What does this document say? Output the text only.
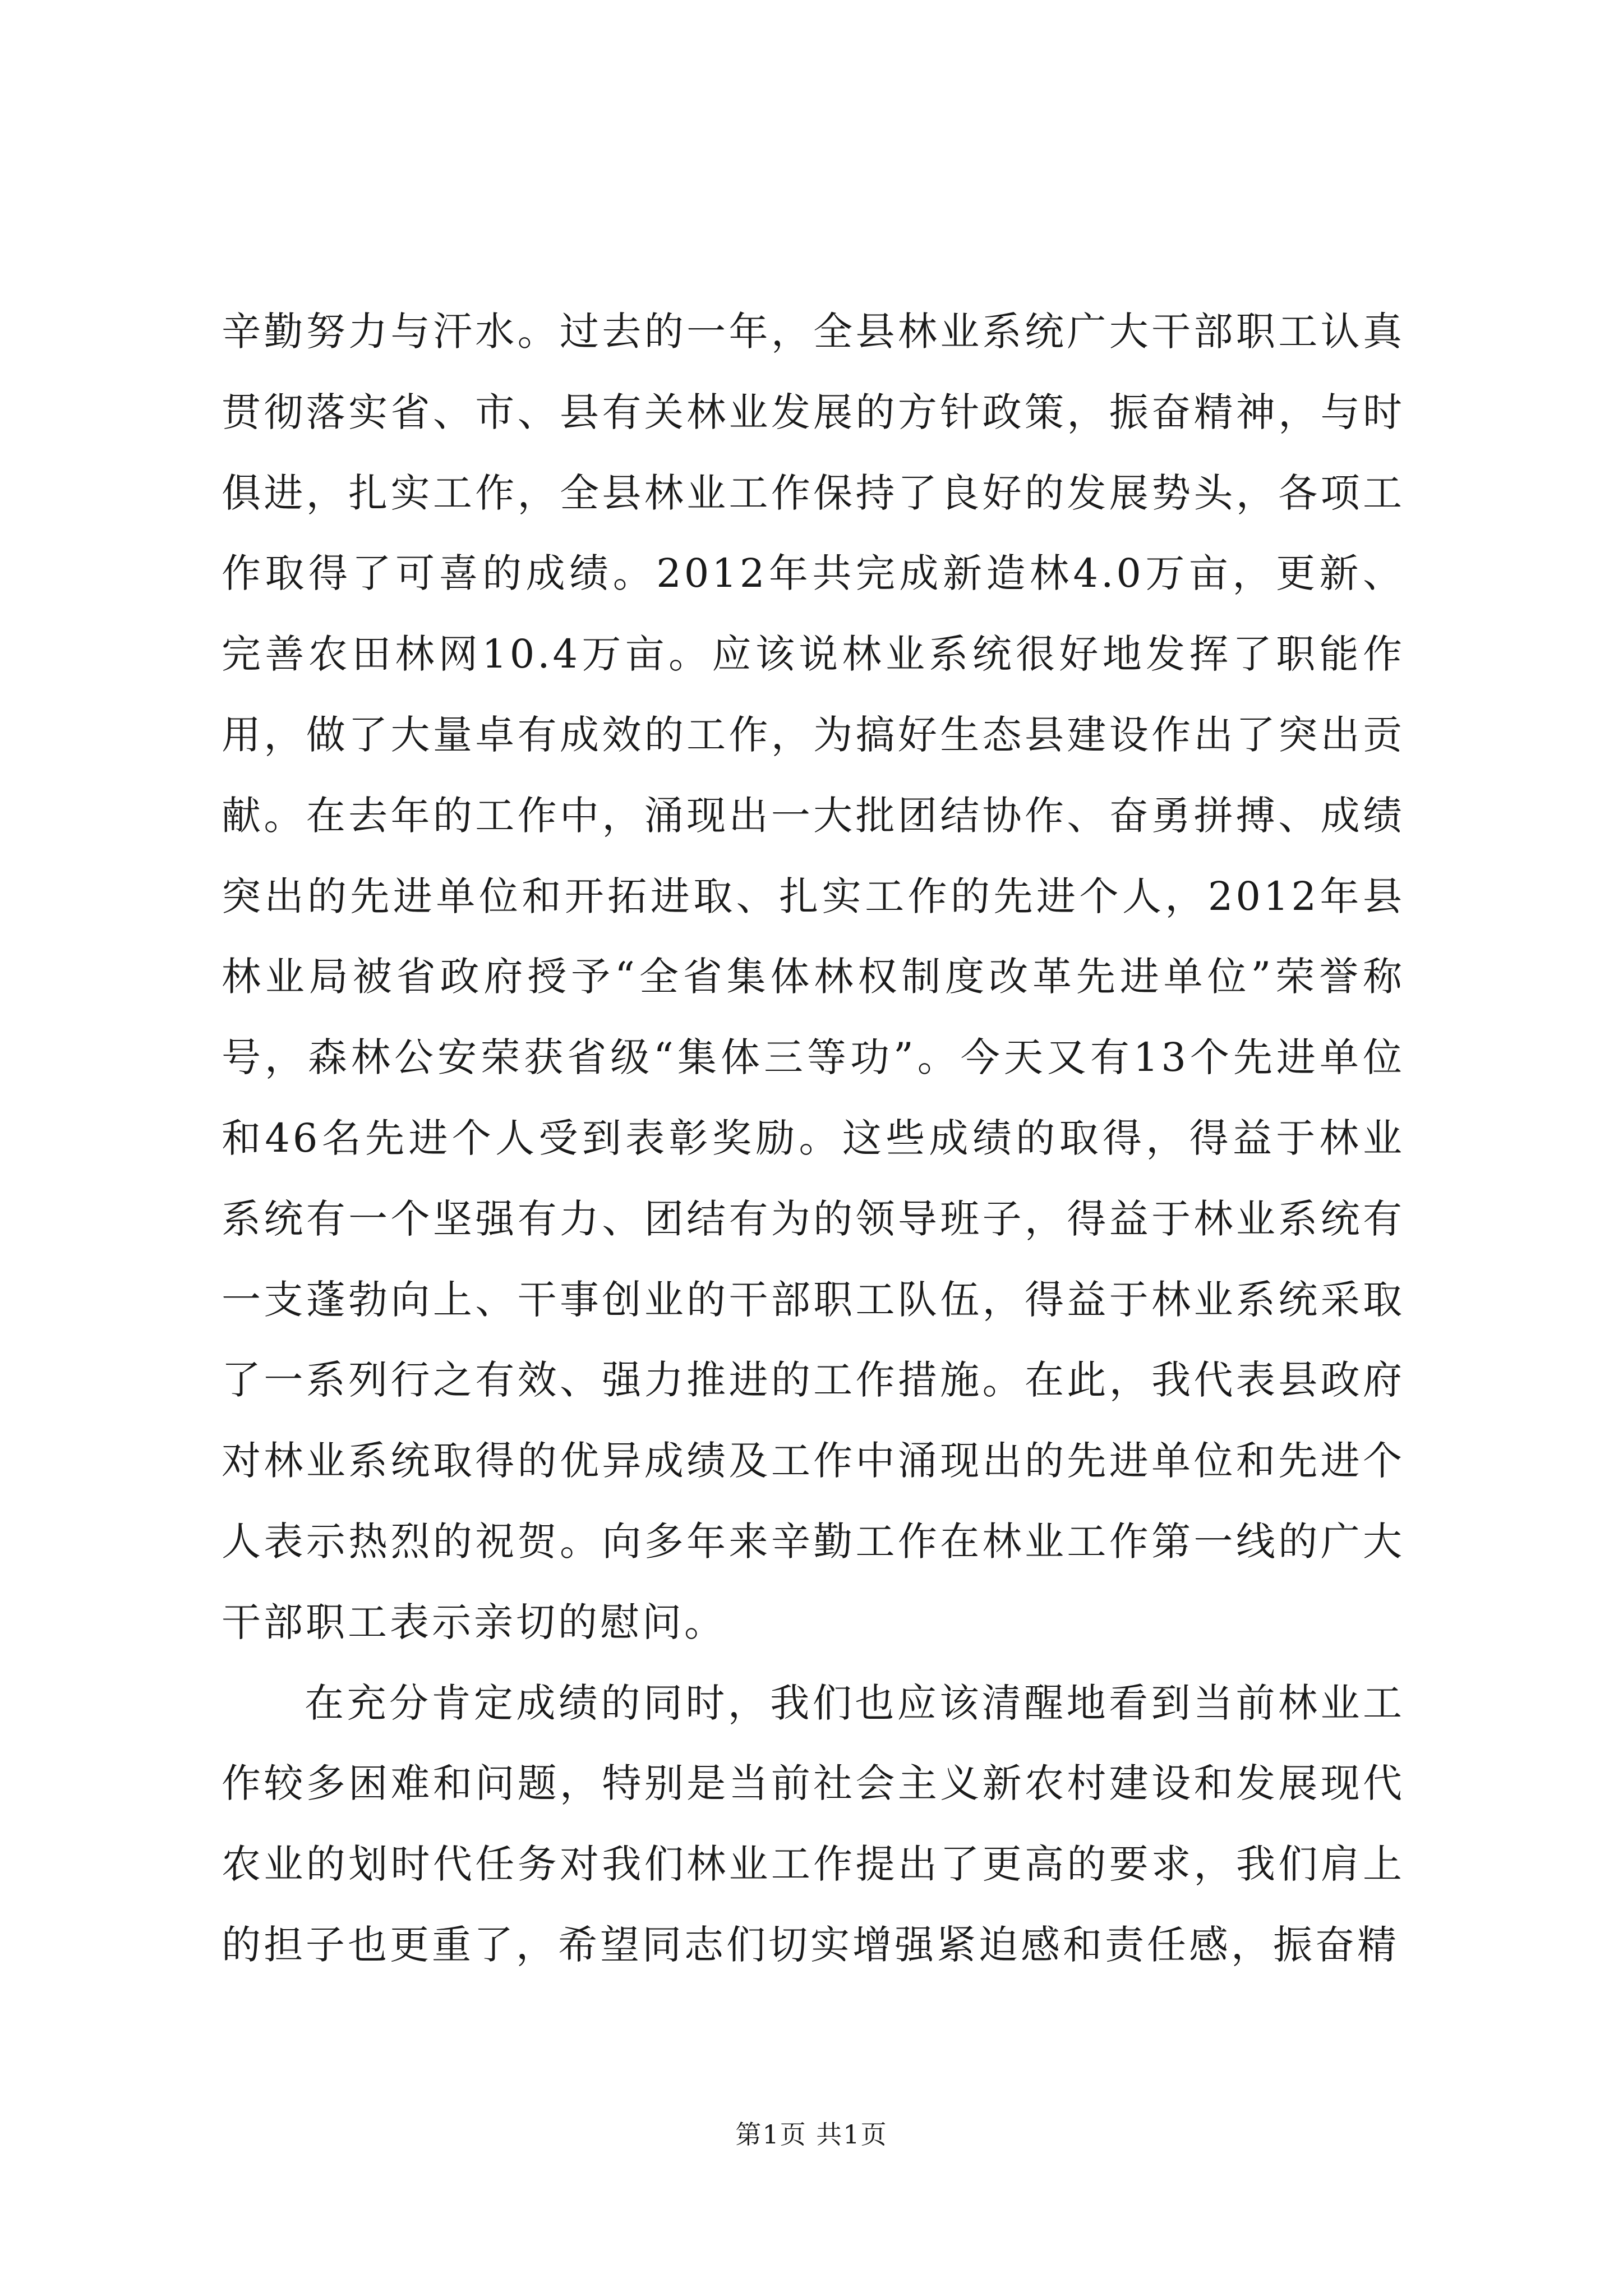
辛勤努力与汗水。过去的一年，全县林业系统广大干部职工认真贯彻落实省、市、县有关林业发展的方针政策，振奋精神，与时俱进，扎实工作，全县林业工作保持了良好的发展势头，各项工作取得了可喜的成绩。2012年共完成新造林4.0万亩，更新、完善农田林网10.4万亩。应该说林业系统很好地发挥了职能作用，做了大量卓有成效的工作，为搞好生态县建设作出了突出贡献。在去年的工作中，涌现出一大批团结协作、奋勇拼搏、成绩突出的先进单位和开拓进取、扎实工作的先进个人，2012年县林业局被省政府授予“全省集体林权制度改革先进单位”荣誉称号，森林公安荣获省级“集体三等功”。今天又有13个先进单位和46名先进个人受到表彰奖励。这些成绩的取得，得益于林业系统有一个坚强有力、团结有为的领导班子，得益于林业系统有一支蓬勃向上、干事创业的干部职工队伍，得益于林业系统采取了一系列行之有效、强力推进的工作措施。在此，我代表县政府对林业系统取得的优异成绩及工作中涌现出的先进单位和先进个人表示热烈的祝贺。向多年来辛勤工作在林业工作第一线的广大干部职工表示亲切的慰问。

在充分肯定成绩的同时，我们也应该清醒地看到当前林业工作较多困难和问题，特别是当前社会主义新农村建设和发展现代农业的划时代任务对我们林业工作提出了更高的要求，我们肩上的担子也更重了，希望同志们切实增强紧迫感和责任感，振奋精

第1页 共1页
